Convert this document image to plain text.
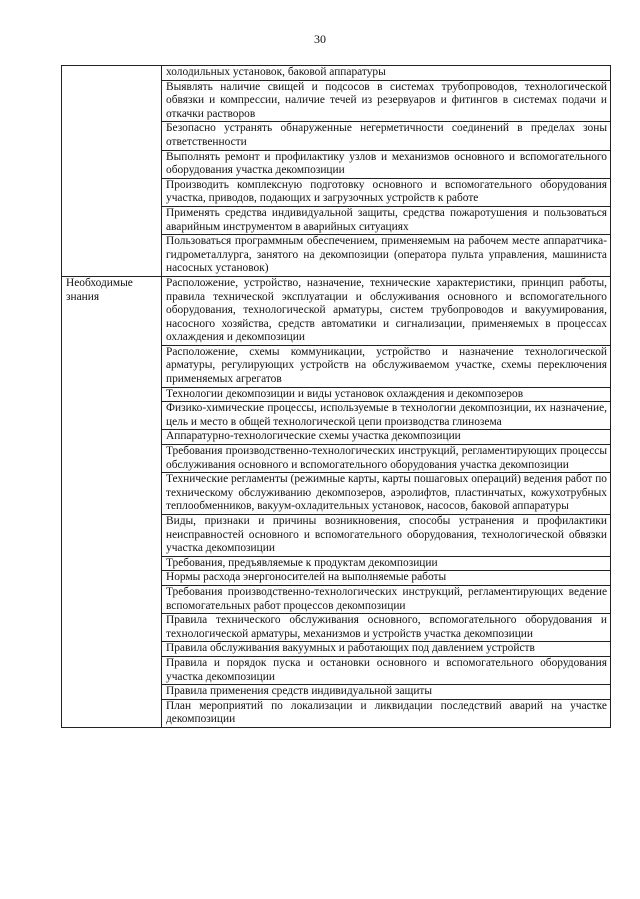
30
	холодильных установок, баковой аппаратуры
	Выявлять наличие свищей и подсосов в системах трубопроводов, технологической обвязки и компрессии, наличие течей из резервуаров и фитингов в системах подачи и откачки растворов
	Безопасно устранять обнаруженные негерметичности соединений в пределах зоны ответственности
	Выполнять ремонт и профилактику узлов и механизмов основного и вспомогательного оборудования участка декомпозиции
	Производить комплексную подготовку основного и вспомогательного оборудования участка, приводов, подающих и загрузочных устройств к работе
	Применять средства индивидуальной защиты, средства пожаротушения и пользоваться аварийным инструментом в аварийных ситуациях
	Пользоваться программным обеспечением, применяемым на рабочем месте аппаратчика-гидрометаллурга, занятого на декомпозиции (оператора пульта управления, машиниста насосных установок)
Необходимые знания	Расположение, устройство, назначение, технические характеристики, принцип работы, правила технической эксплуатации и обслуживания основного и вспомогательного оборудования, технологической арматуры, систем трубопроводов и вакуумирования, насосного хозяйства, средств автоматики и сигнализации, применяемых в процессах охлаждения и декомпозиции
	Расположение, схемы коммуникации, устройство и назначение технологической арматуры, регулирующих устройств на обслуживаемом участке, схемы переключения применяемых агрегатов
	Технологии декомпозиции и виды установок охлаждения и декомпозеров
	Физико-химические процессы, используемые в технологии декомпозиции, их назначение, цель и место в общей технологической цепи производства глинозема
	Аппаратурно-технологические схемы участка декомпозиции
	Требования производственно-технологических инструкций, регламентирующих процессы обслуживания основного и вспомогательного оборудования участка декомпозиции
	Технические регламенты (режимные карты, карты пошаговых операций) ведения работ по техническому обслуживанию декомпозеров, аэролифтов, пластинчатых, кожухотрубных теплообменников, вакуум-охладительных установок, насосов, баковой аппаратуры
	Виды, признаки и причины возникновения, способы устранения и профилактики неисправностей основного и вспомогательного оборудования, технологической обвязки участка декомпозиции
	Требования, предъявляемые к продуктам декомпозиции
	Нормы расхода энергоносителей на выполняемые работы
	Требования производственно-технологических инструкций, регламентирующих ведение вспомогательных работ процессов декомпозиции
	Правила технического обслуживания основного, вспомогательного оборудования и технологической арматуры, механизмов и устройств участка декомпозиции
	Правила обслуживания вакуумных и работающих под давлением устройств
	Правила и порядок пуска и остановки основного и вспомогательного оборудования участка декомпозиции
	Правила применения средств индивидуальной защиты
	План мероприятий по локализации и ликвидации последствий аварий на участке декомпозиции
